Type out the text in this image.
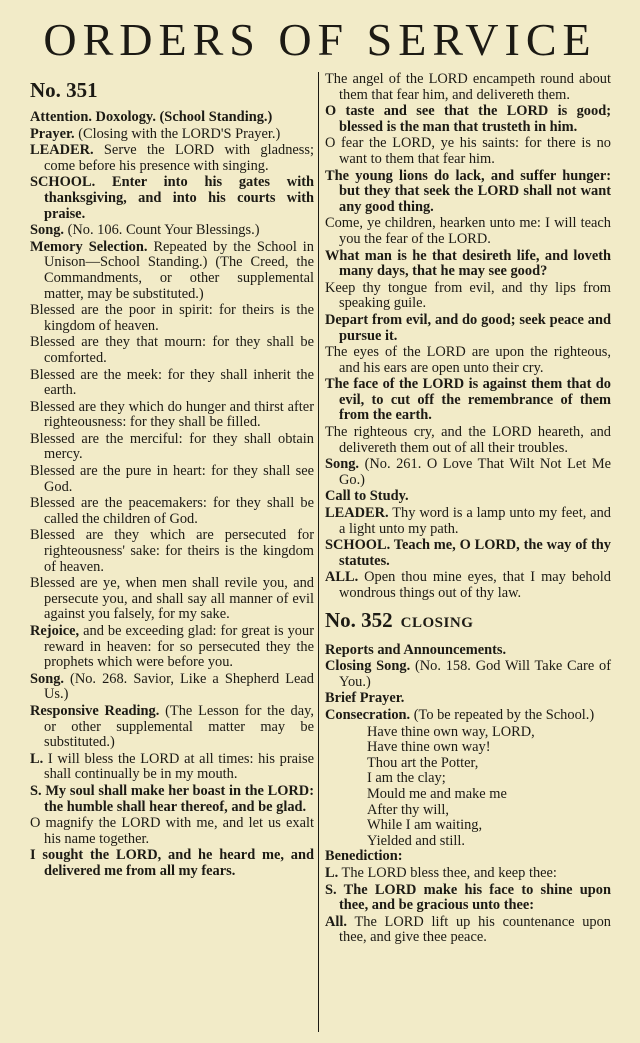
ORDERS OF SERVICE
No. 351
Attention. Doxology. (School Standing.)
Prayer. (Closing with the LORD'S Prayer.)
LEADER. Serve the LORD with gladness; come before his presence with singing.
SCHOOL. Enter into his gates with thanksgiving, and into his courts with praise.
Song. (No. 106. Count Your Blessings.)
Memory Selection. Repeated by the School in Unison—School Standing.) (The Creed, the Commandments, or other supplemental matter, may be substituted.)
Blessed are the poor in spirit: for theirs is the kingdom of heaven.
Blessed are they that mourn: for they shall be comforted.
Blessed are the meek: for they shall inherit the earth.
Blessed are they which do hunger and thirst after righteousness: for they shall be filled.
Blessed are the merciful: for they shall obtain mercy.
Blessed are the pure in heart: for they shall see God.
Blessed are the peacemakers: for they shall be called the children of God.
Blessed are they which are persecuted for righteousness' sake: for theirs is the kingdom of heaven.
Blessed are ye, when men shall revile you, and persecute you, and shall say all manner of evil against you falsely, for my sake.
Rejoice, and be exceeding glad: for great is your reward in heaven: for so persecuted they the prophets which were before you.
Song. (No. 268. Savior, Like a Shepherd Lead Us.)
Responsive Reading. (The Lesson for the day, or other supplemental matter may be substituted.)
L. I will bless the LORD at all times: his praise shall continually be in my mouth.
S. My soul shall make her boast in the LORD: the humble shall hear thereof, and be glad.
O magnify the LORD with me, and let us exalt his name together.
I sought the LORD, and he heard me, and delivered me from all my fears.
The angel of the LORD encampeth round about them that fear him, and delivereth them.
O taste and see that the LORD is good; blessed is the man that trusteth in him.
O fear the LORD, ye his saints: for there is no want to them that fear him.
The young lions do lack, and suffer hunger: but they that seek the LORD shall not want any good thing.
Come, ye children, hearken unto me: I will teach you the fear of the LORD.
What man is he that desireth life, and loveth many days, that he may see good?
Keep thy tongue from evil, and thy lips from speaking guile.
Depart from evil, and do good; seek peace and pursue it.
The eyes of the LORD are upon the righteous, and his ears are open unto their cry.
The face of the LORD is against them that do evil, to cut off the remembrance of them from the earth.
The righteous cry, and the LORD heareth, and delivereth them out of all their troubles.
Song. (No. 261. O Love That Wilt Not Let Me Go.)
Call to Study.
LEADER. Thy word is a lamp unto my feet, and a light unto my path.
SCHOOL. Teach me, O LORD, the way of thy statutes.
ALL. Open thou mine eyes, that I may behold wondrous things out of thy law.
No. 352 CLOSING
Reports and Announcements.
Closing Song. (No. 158. God Will Take Care of You.)
Brief Prayer.
Consecration. (To be repeated by the School.)
Have thine own way, LORD,
Have thine own way!
Thou art the Potter,
I am the clay;
Mould me and make me
After thy will,
While I am waiting,
Yielded and still.
Benediction:
L. The LORD bless thee, and keep thee:
S. The LORD make his face to shine upon thee, and be gracious unto thee:
All. The LORD lift up his countenance upon thee, and give thee peace.
